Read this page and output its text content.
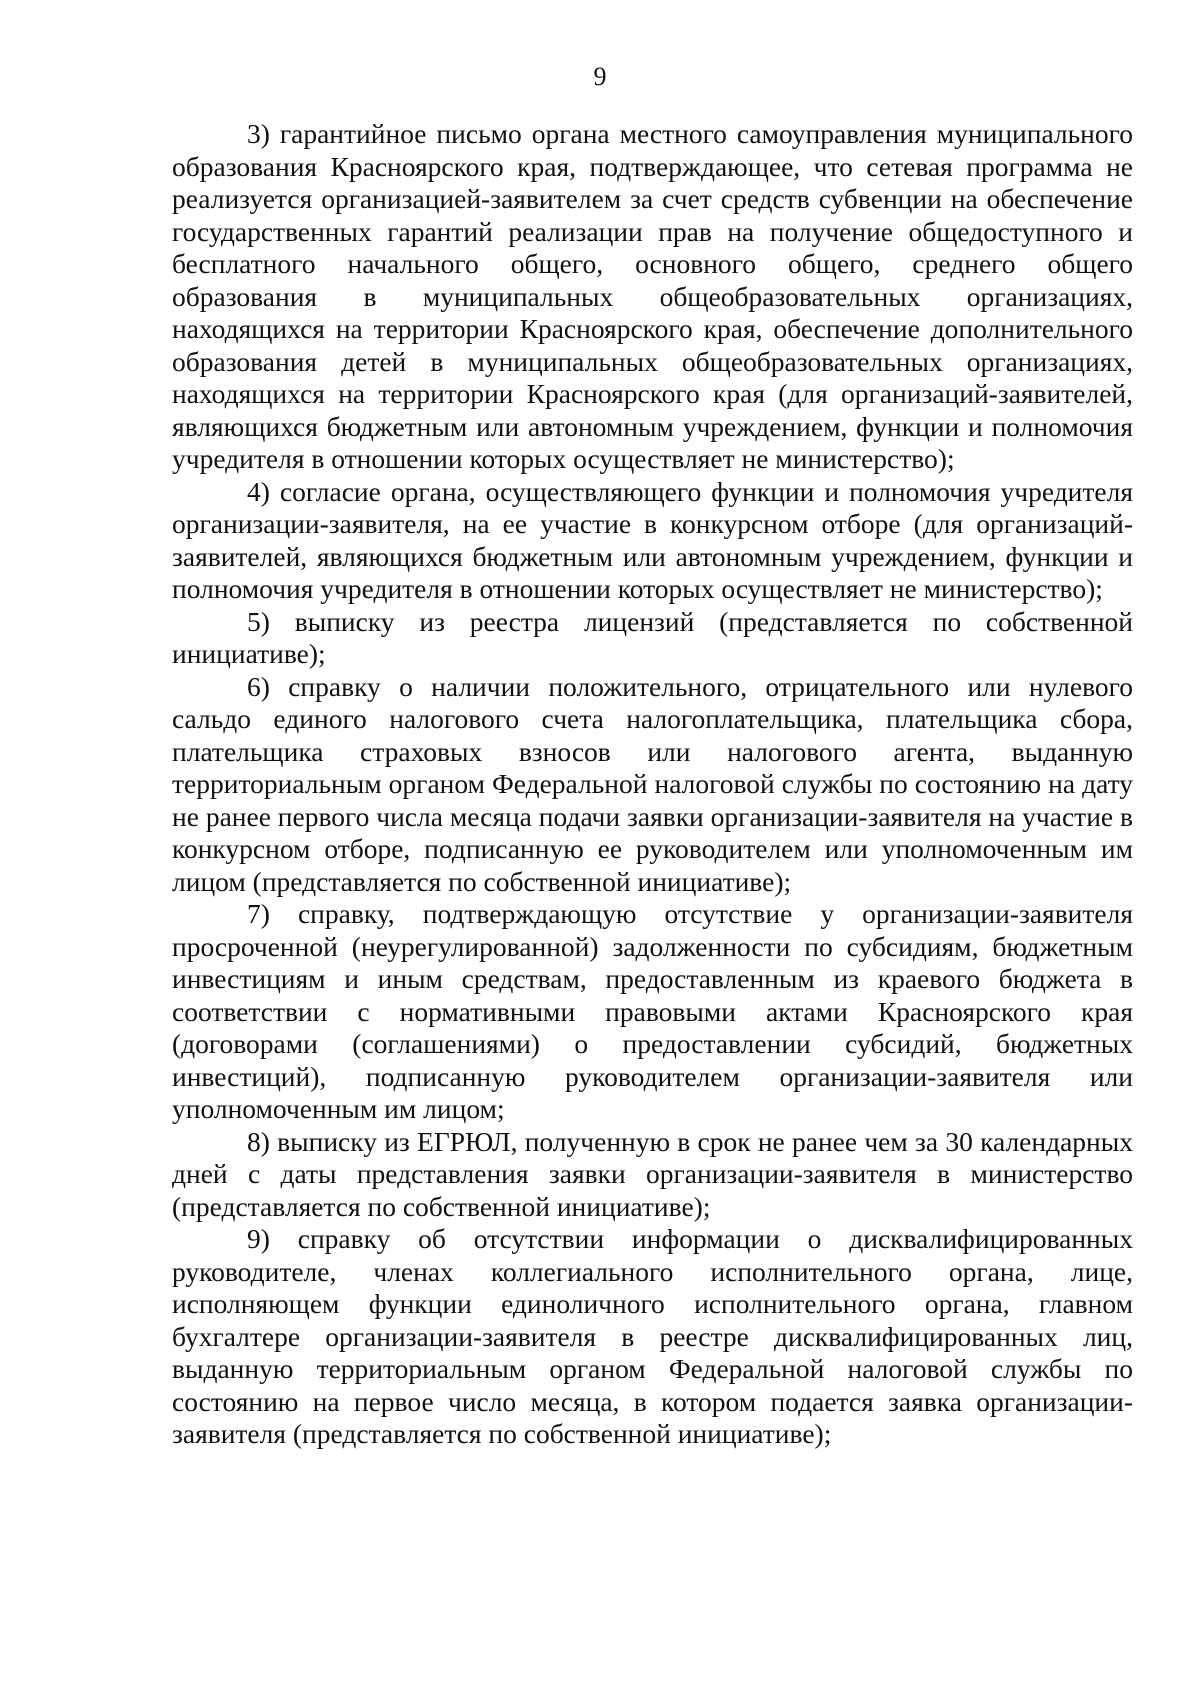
9

3) гарантийное письмо органа местного самоуправления муниципального образования Красноярского края, подтверждающее, что сетевая программа не реализуется организацией-заявителем за счет средств субвенции на обеспечение государственных гарантий реализации прав на получение общедоступного и бесплатного начального общего, основного общего, среднего общего образования в муниципальных общеобразовательных организациях, находящихся на территории Красноярского края, обеспечение дополнительного образования детей в муниципальных общеобразовательных организациях, находящихся на территории Красноярского края (для организаций-заявителей, являющихся бюджетным или автономным учреждением, функции и полномочия учредителя в отношении которых осуществляет не министерство);

4) согласие органа, осуществляющего функции и полномочия учредителя организации-заявителя, на ее участие в конкурсном отборе (для организаций-заявителей, являющихся бюджетным или автономным учреждением, функции и полномочия учредителя в отношении которых осуществляет не министерство);

5) выписку из реестра лицензий (представляется по собственной инициативе);

6) справку о наличии положительного, отрицательного или нулевого сальдо единого налогового счета налогоплательщика, плательщика сбора, плательщика страховых взносов или налогового агента, выданную территориальным органом Федеральной налоговой службы по состоянию на дату не ранее первого числа месяца подачи заявки организации-заявителя на участие в конкурсном отборе, подписанную ее руководителем или уполномоченным им лицом (представляется по собственной инициативе);

7) справку, подтверждающую отсутствие у организации-заявителя просроченной (неурегулированной) задолженности по субсидиям, бюджетным инвестициям и иным средствам, предоставленным из краевого бюджета в соответствии с нормативными правовыми актами Красноярского края (договорами (соглашениями) о предоставлении субсидий, бюджетных инвестиций), подписанную руководителем организации-заявителя или уполномоченным им лицом;

8) выписку из ЕГРЮЛ, полученную в срок не ранее чем за 30 календарных дней с даты представления заявки организации-заявителя в министерство (представляется по собственной инициативе);

9) справку об отсутствии информации о дисквалифицированных руководителе, членах коллегиального исполнительного органа, лице, исполняющем функции единоличного исполнительного органа, главном бухгалтере организации-заявителя в реестре дисквалифицированных лиц, выданную территориальным органом Федеральной налоговой службы по состоянию на первое число месяца, в котором подается заявка организации-заявителя (представляется по собственной инициативе);
